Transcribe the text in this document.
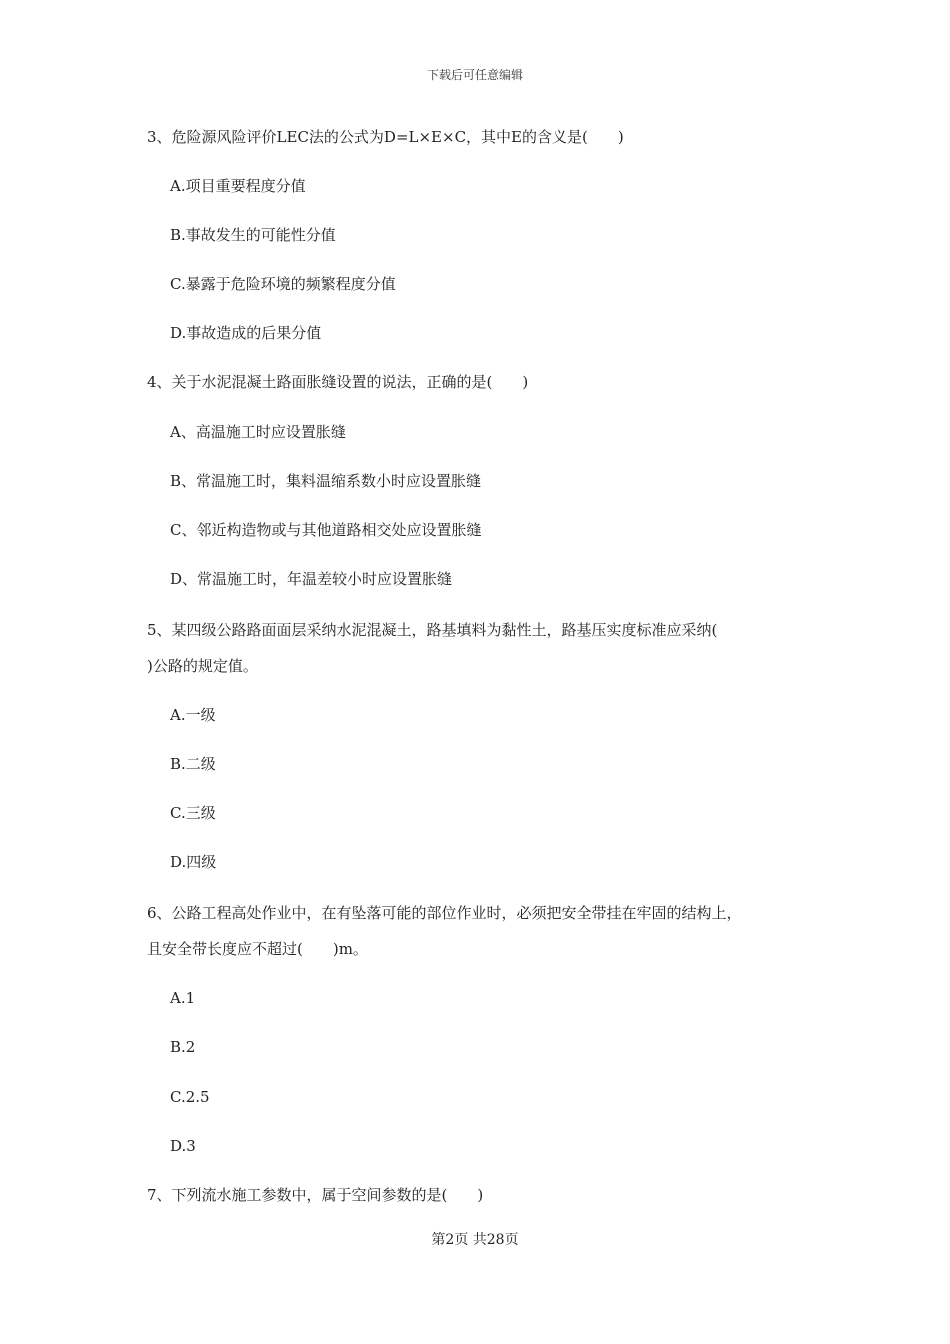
下载后可任意编辑
3、危险源风险评价LEC法的公式为D=L×E×C，其中E的含义是(　　)
A.项目重要程度分值
B.事故发生的可能性分值
C.暴露于危险环境的频繁程度分值
D.事故造成的后果分值
4、关于水泥混凝土路面胀缝设置的说法，正确的是(　　)
A、高温施工时应设置胀缝
B、常温施工时，集料温缩系数小时应设置胀缝
C、邻近构造物或与其他道路相交处应设置胀缝
D、常温施工时，年温差较小时应设置胀缝
5、某四级公路路面面层采纳水泥混凝土，路基填料为黏性土，路基压实度标准应采纳(
)公路的规定值。
A.一级
B.二级
C.三级
D.四级
6、公路工程高处作业中，在有坠落可能的部位作业时，必须把安全带挂在牢固的结构上，
且安全带长度应不超过(　　)m。
A.1
B.2
C.2.5
D.3
7、下列流水施工参数中，属于空间参数的是(　　)
第2页 共28页
